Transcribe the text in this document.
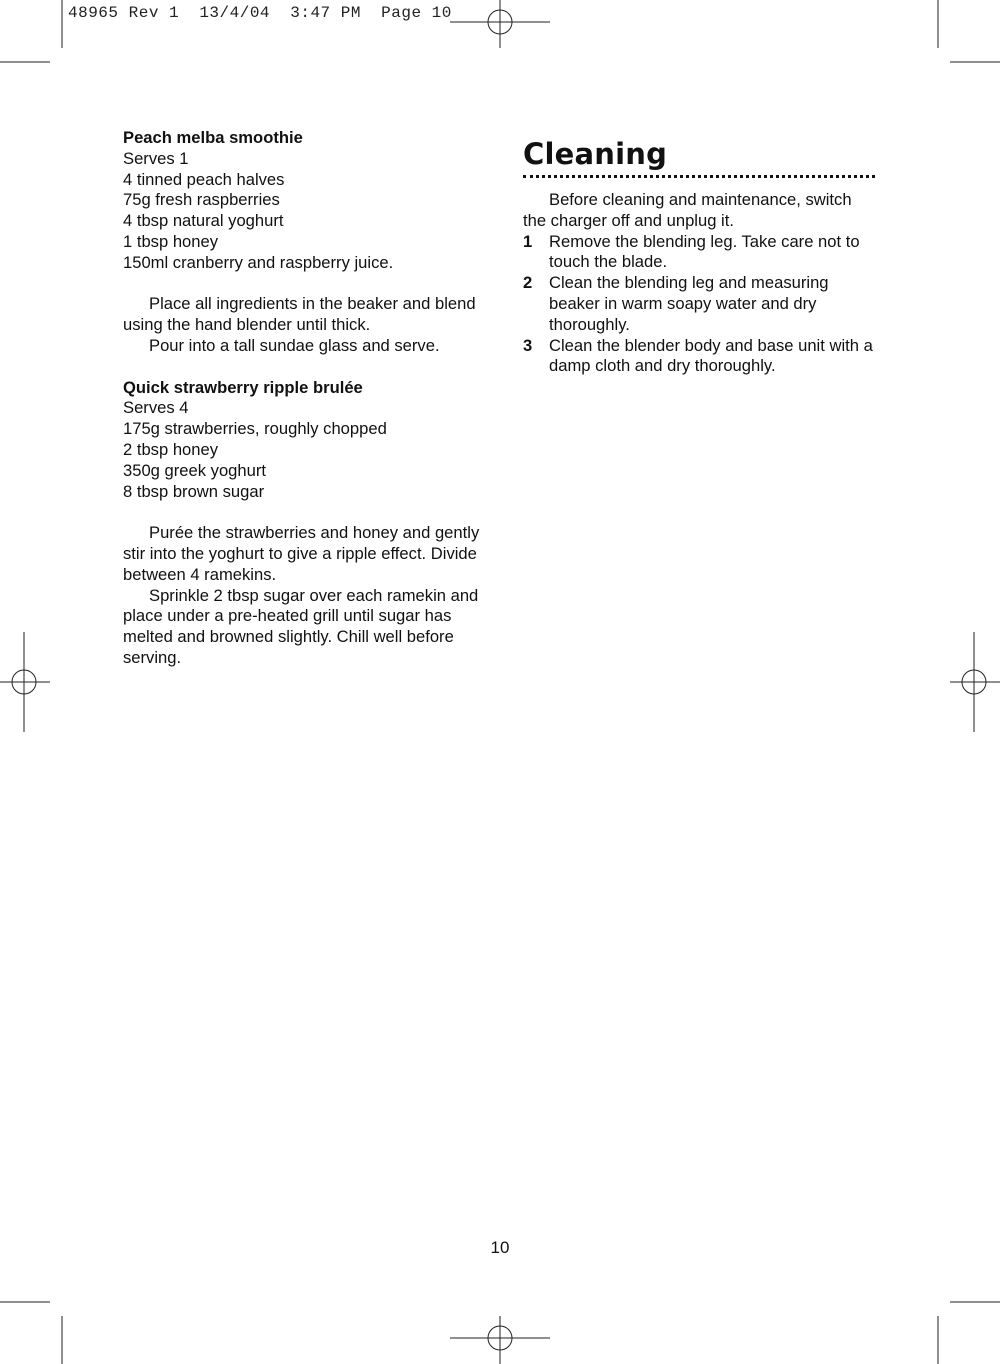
48965 Rev 1  13/4/04  3:47 PM  Page 10

Peach melba smoothie

Serves 1

4 tinned peach halves

75g fresh raspberries

4 tbsp natural yoghurt

1 tbsp honey

150ml cranberry and raspberry juice.

Place all ingredients in the beaker and blend using the hand blender until thick.

Pour into a tall sundae glass and serve.

Quick strawberry ripple brulée

Serves 4

175g strawberries, roughly chopped

2 tbsp honey

350g greek yoghurt

8 tbsp brown sugar

Purée the strawberries and honey and gently stir into the yoghurt to give a ripple effect. Divide between 4 ramekins.

Sprinkle 2 tbsp sugar over each ramekin and place under a pre-heated grill until sugar has melted and browned slightly. Chill well before serving.

Cleaning

Before cleaning and maintenance, switch the charger off and unplug it.

1	Remove the blending leg. Take care not to touch the blade.
2	Clean the blending leg and measuring beaker in warm soapy water and dry thoroughly.
3	Clean the blender body and base unit with a damp cloth and dry thoroughly.
10
